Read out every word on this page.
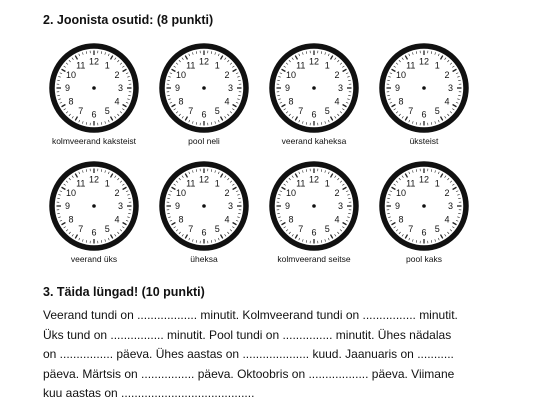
2. Joonista osutid: (8 punkti)
12 1
2
3
4
5
6
7
8
9
10
11
kolmveerand kaksteist
12 1
2
3
4
5
6
7
8
9
10
11
pool neli
12 1
2
3
4
5
6
7
8
9
10
11
veerand kaheksa
12 1
2
3
4
5
6
7
8
9
10
11
üksteist
12 1
2
3
4
5
6
7
8
9
10
11
veerand üks
12 1
2
3
4
5
6
7
8
9
10
11
üheksa
12 1
2
3
4
5
6
7
8
9
10
11
kolmveerand seitse
12 1
2
3
4
5
6
7
8
9
10
11
pool kaks
3. Täida lüngad! (10 punkti)
Veerand tundi on .................. minutit. Kolmveerand tundi on ................ minutit.
Üks tund on ................ minutit. Pool tundi on ............... minutit. Ühes nädalas
on ................ päeva. Ühes aastas on .................... kuud. Jaanuaris on ...........
päeva. Märtsis on ................ päeva. Oktoobris on .................. päeva. Viimane
kuu aastas on ........................................
